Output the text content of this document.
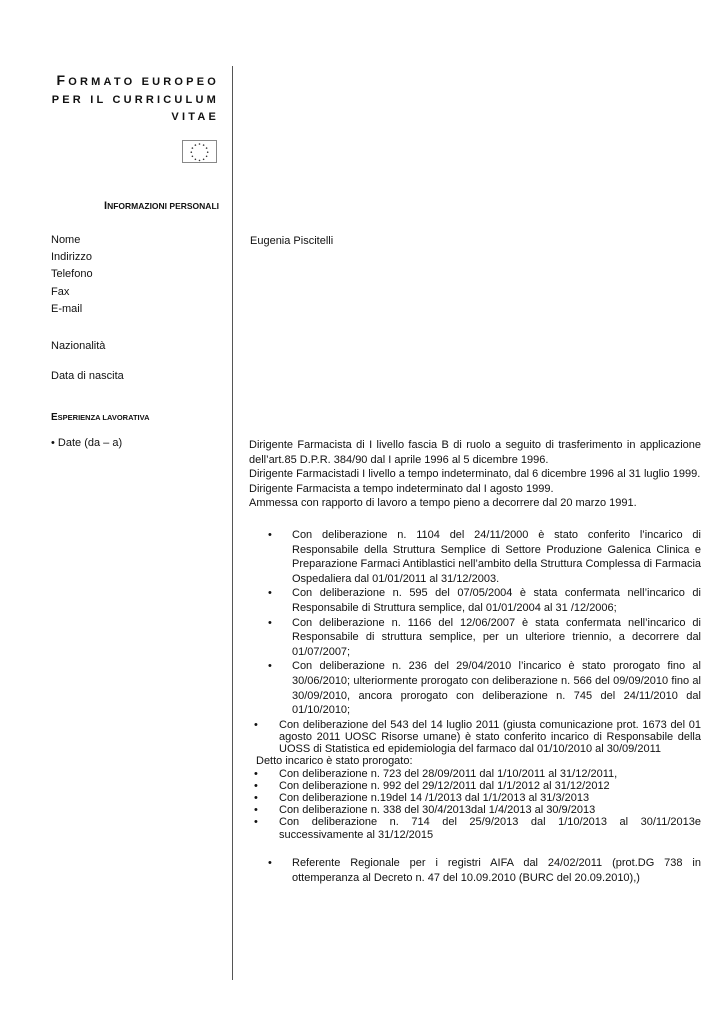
FORMATO EUROPEO
PER IL CURRICULUM
VITAE
INFORMAZIONI PERSONALI
Nome
Indirizzo
Telefono
Fax
E-mail
Nazionalità
Data di nascita
Eugenia Piscitelli
ESPERIENZA LAVORATIVA
• Date (da – a)	Dirigente Farmacista di I livello fascia B di ruolo a seguito di trasferimento in applicazione dell’art.85 D.P.R. 384/90 dal I aprile 1996 al 5 dicembre 1996.
Dirigente Farmacistadi I livello a tempo indeterminato, dal 6 dicembre 1996 al 31 luglio 1999.
Dirigente Farmacista a tempo indeterminato dal I agosto 1999.
Ammessa con rapporto di lavoro a tempo pieno a decorrere dal 20 marzo 1991.

• Con deliberazione n. 1104 del 24/11/2000 è stato conferito l’incarico di Responsabile della Struttura Semplice di Settore Produzione Galenica Clinica e Preparazione Farmaci Antiblastici nell’ambito della Struttura Complessa di Farmacia Ospedaliera dal 01/01/2011 al 31/12/2003.
• Con deliberazione n. 595 del 07/05/2004 è stata confermata nell’incarico di Responsabile di Struttura semplice, dal 01/01/2004 al 31 /12/2006;
• Con deliberazione n. 1166 del 12/06/2007 è stata confermata nell’incarico di Responsabile di struttura semplice, per un ulteriore triennio, a decorrere dal 01/07/2007;
• Con deliberazione n. 236 del 29/04/2010 l’incarico è stato prorogato fino al 30/06/2010; ulteriormente prorogato con deliberazione n. 566 del 09/09/2010 fino al 30/09/2010, ancora prorogato con deliberazione n. 745 del 24/11/2010 dal 01/10/2010;
• Con deliberazione del 543 del 14 luglio 2011 (giusta comunicazione prot. 1673 del 01 agosto 2011 UOSC Risorse umane) è stato conferito incarico di Responsabile della UOSS di Statistica ed epidemiologia del farmaco dal 01/10/2010 al 30/09/2011

Detto incarico è stato prorogato:

• Con deliberazione n. 723 del 28/09/2011 dal 1/10/2011 al 31/12/2011,
• Con deliberazione n. 992 del 29/12/2011 dal 1/1/2012 al 31/12/2012
• Con deliberazione n.19del 14 /1/2013 dal 1/1/2013 al 31/3/2013
• Con deliberazione n. 338 del 30/4/2013dal 1/4/2013 al 30/9/2013
• Con deliberazione n. 714 del 25/9/2013 dal 1/10/2013 al 30/11/2013e successivamente al 31/12/2015
• Referente Regionale per i registri AIFA dal 24/02/2011 (prot.DG 738 in ottemperanza al Decreto n. 47 del 10.09.2010 (BURC del 20.09.2010),)
